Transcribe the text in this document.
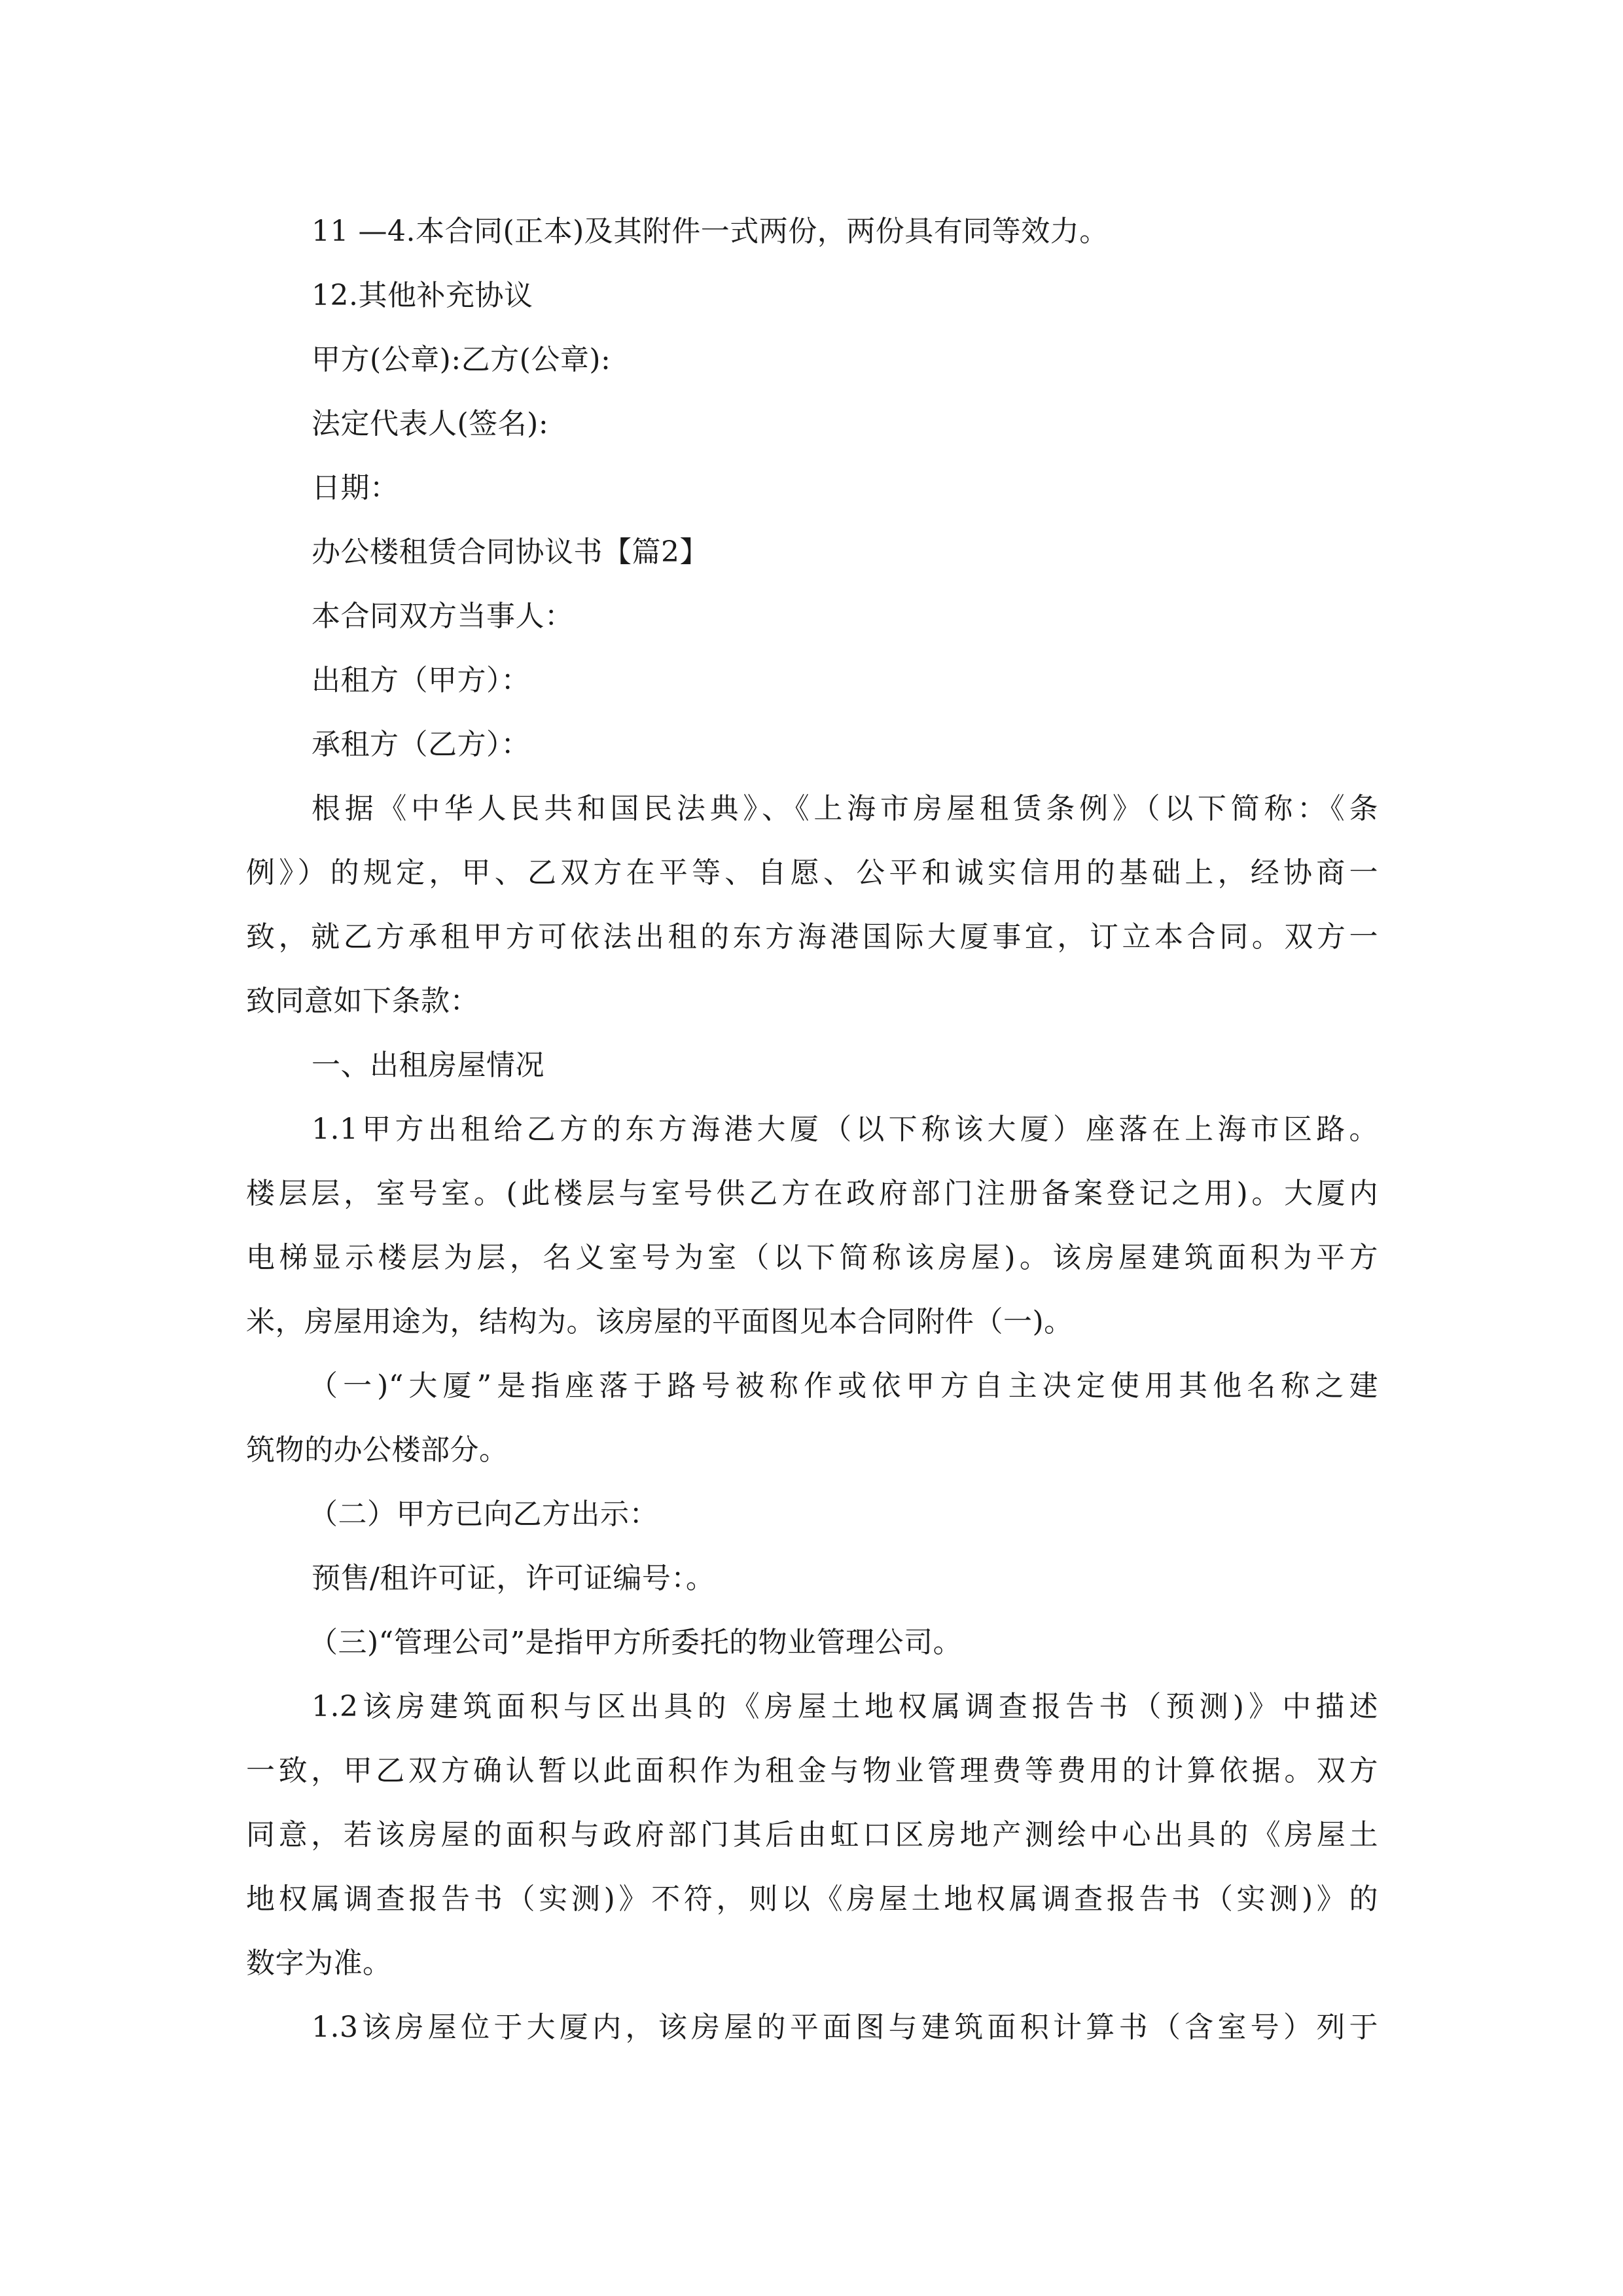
11 —4.本合同(正本)及其附件一式两份，两份具有同等效力。

12.其他补充协议

甲方(公章):乙方(公章):

法定代表人(签名):

日期：

办公楼租赁合同协议书【篇2】

本合同双方当事人：

出租方（甲方）：

承租方（乙方）：

根据《中华人民共和国民法典》、《上海市房屋租赁条例》（以下简称：《条

例》）的规定，甲、乙双方在平等、自愿、公平和诚实信用的基础上，经协商一

致，就乙方承租甲方可依法出租的东方海港国际大厦事宜，订立本合同。双方一

致同意如下条款：

一、出租房屋情况

1.1甲方出租给乙方的东方海港大厦（以下称该大厦）座落在上海市区路。

楼层层，室号室。(此楼层与室号供乙方在政府部门注册备案登记之用)。大厦内

电梯显示楼层为层，名义室号为室（以下简称该房屋)。该房屋建筑面积为平方

米，房屋用途为，结构为。该房屋的平面图见本合同附件（一)。

（一)“大厦”是指座落于路号被称作或依甲方自主决定使用其他名称之建

筑物的办公楼部分。

（二）甲方已向乙方出示：

预售/租许可证，许可证编号：。

（三)“管理公司”是指甲方所委托的物业管理公司。

1.2该房建筑面积与区出具的《房屋土地权属调查报告书（预测)》中描述

一致，甲乙双方确认暂以此面积作为租金与物业管理费等费用的计算依据。双方

同意，若该房屋的面积与政府部门其后由虹口区房地产测绘中心出具的《房屋土

地权属调查报告书（实测)》不符，则以《房屋土地权属调查报告书（实测)》的

数字为准。

1.3该房屋位于大厦内，该房屋的平面图与建筑面积计算书（含室号）列于
